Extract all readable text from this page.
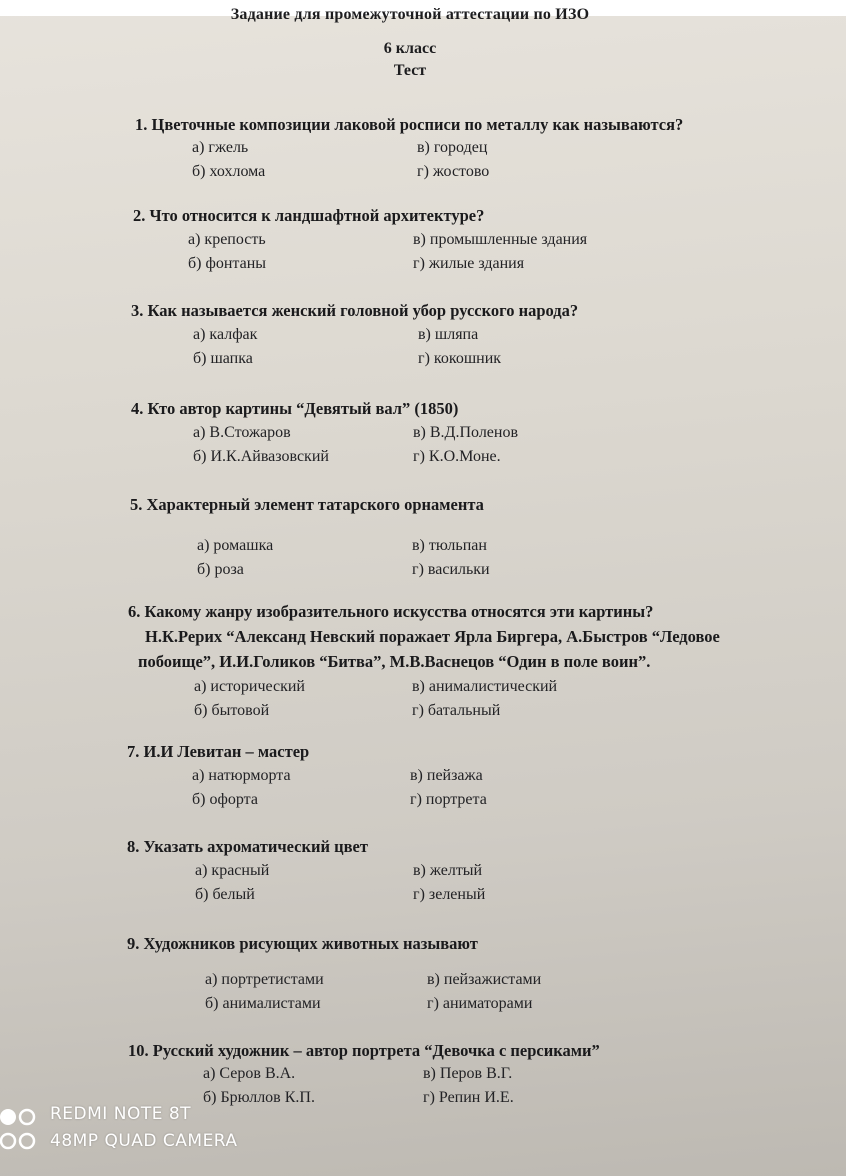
Задание для промежуточной аттестации по ИЗО
6 класс
Тест
1. Цветочные композиции лаковой росписи по металлу как называются?
а) гжель	в) городец
б) хохлома	г) жостово
2. Что относится к ландшафтной архитектуре?
а) крепость	в) промышленные здания
б) фонтаны	г) жилые здания
3. Как называется женский головной убор русского народа?
а) калфак	в) шляпа
б) шапка	г) кокошник
4. Кто автор картины “Девятый вал” (1850)
а) В.Стожаров	в) В.Д.Поленов
б) И.К.Айвазовский	г) К.О.Моне.
5. Характерный элемент татарского орнамента
а) ромашка	в) тюльпан
б) роза	г) васильки
6. Какому жанру изобразительного искусства относятся эти картины?
Н.К.Рерих “Александ Невский поражает Ярла Биргера, А.Быстров “Ледовое
побоище”, И.И.Голиков “Битва”, М.В.Васнецов “Один в поле воин”.
а) исторический	в) анималистический
б) бытовой	г) батальный
7. И.И Левитан – мастер
а) натюрморта	в) пейзажа
б) офорта	г) портрета
8. Указать ахроматический цвет
а) красный	в) желтый
б) белый	г) зеленый
9. Художников рисующих животных называют
а) портретистами	в) пейзажистами
б) анималистами	г) аниматорами
10. Русский художник – автор портрета “Девочка с персиками”
а) Серов В.А.	в) Перов В.Г.
б) Брюллов К.П.	г) Репин И.Е.
REDMI NOTE 8T
48MP QUAD CAMERA
